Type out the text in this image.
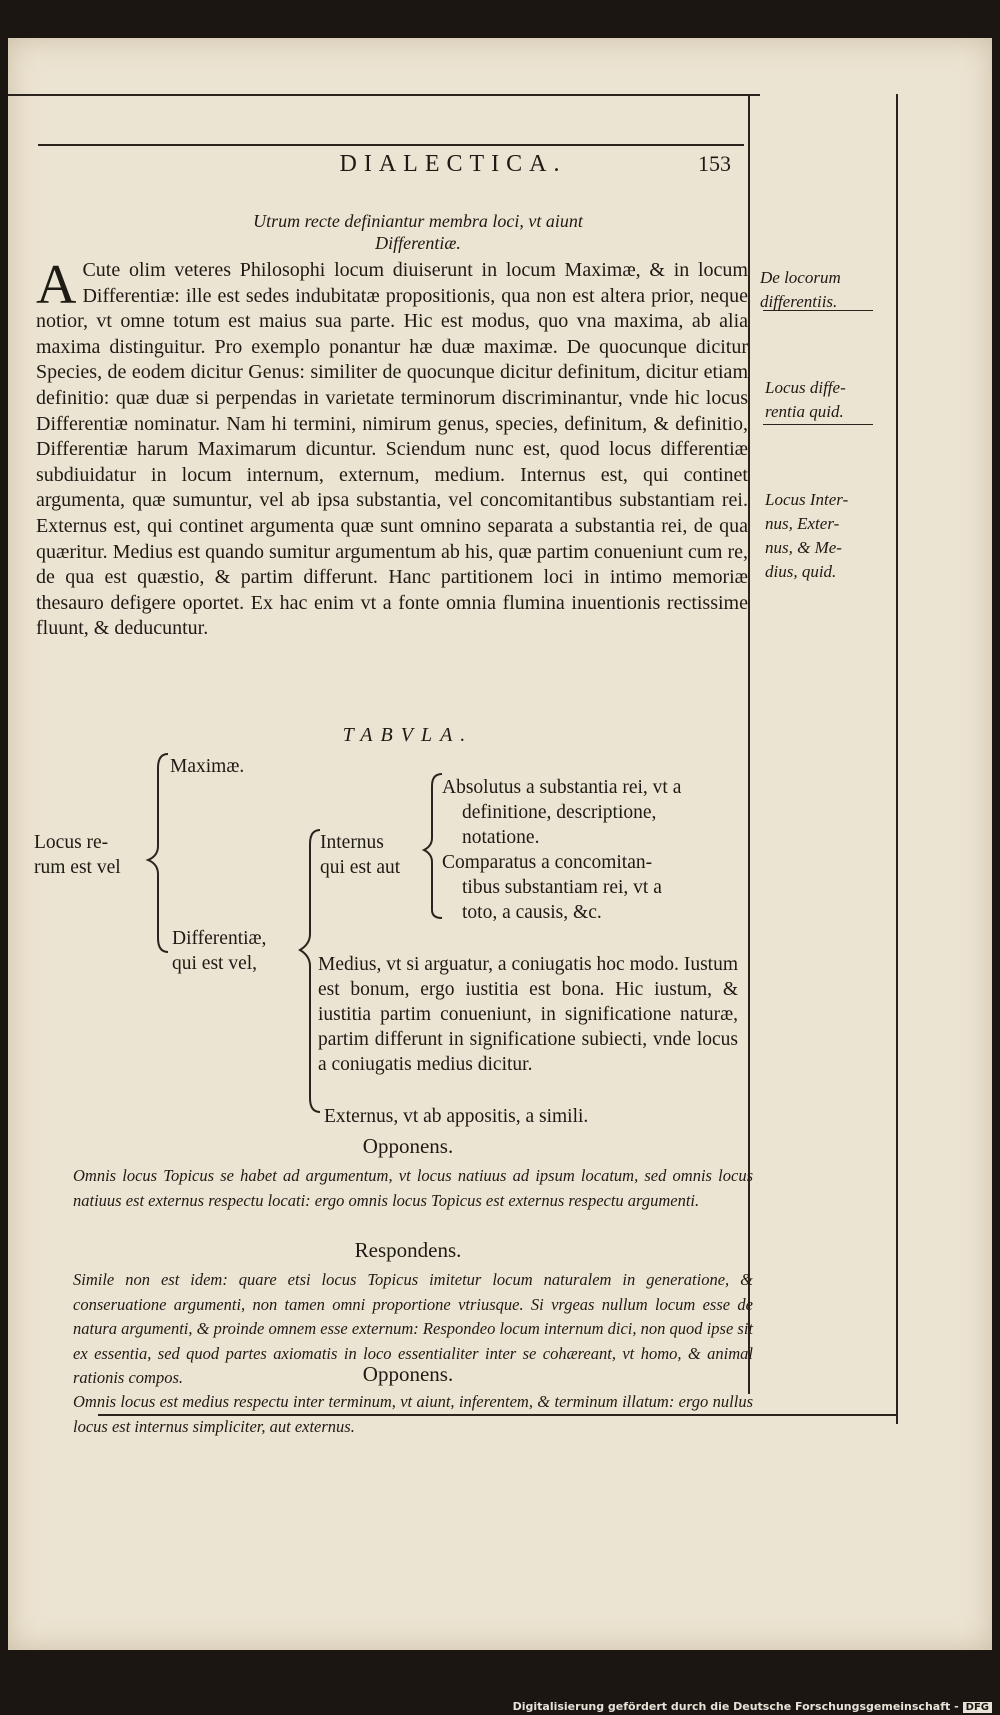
DIALECTICA.	153
Utrum recte definiantur membra loci, vt aiunt
Differentiæ.
A Cute olim veteres Philosophi locum diuiserunt in locum Maximæ, & in locum Differentiæ: ille est sedes indubitatæ propositionis, qua non est altera prior, neque notior, vt omne totum est maius sua parte. Hic est modus, quo vna maxima, ab alia maxima distinguitur. Pro exemplo ponantur hæ duæ maximæ. De quocunque dicitur Species, de eodem dicitur Genus: similiter de quocunque dicitur definitum, dicitur etiam definitio: quæ duæ si perpendas in varietate terminorum discriminantur, vnde hic locus Differentiæ nominatur. Nam hi termini, nimirum genus, species, definitum, & definitio, Differentiæ harum Maximarum dicuntur. Sciendum nunc est, quod locus differentiæ subdiuidatur in locum internum, externum, medium. Internus est, qui continet argumenta, quæ sumuntur, vel ab ipsa substantia, vel concomitantibus substantiam rei. Externus est, qui continet argumenta quæ sunt omnino separata a substantia rei, de qua quæritur. Medius est quando sumitur argumentum ab his, quæ partim conueniunt cum re, de qua est quæstio, & partim differunt. Hanc partitionem loci in intimo memoriæ thesauro defigere oportet. Ex hac enim vt a fonte omnia flumina inuentionis rectissime fluunt, & deducuntur.
De locorum
differentiis.
Locus diffe-
rentia quid.
Locus Inter-
nus, Exter-
nus, & Me-
dius, quid.
TABVLA.
Locus re-
rum est vel
Maximæ.
Differentiæ,
qui est vel,
Internus
qui est aut
Absolutus a substantia rei, vt a
definitione, descriptione,
notatione.
Comparatus a concomitan-
tibus substantiam rei, vt a
toto, a causis, &c.
Medius, vt si arguatur, a coniugatis hoc modo. Iustum est bonum, ergo iustitia est bona. Hic iustum, & iustitia partim conueniunt, in significatione naturæ, partim differunt in significatione subiecti, vnde locus a coniugatis medius dicitur.
Externus, vt ab appositis, a simili.
Opponens.
Omnis locus Topicus se habet ad argumentum, vt locus natiuus ad ipsum locatum, sed omnis locus natiuus est externus respectu locati: ergo omnis locus Topicus est externus respectu argumenti.
Respondens.
Simile non est idem: quare etsi locus Topicus imitetur locum naturalem in generatione, & conseruatione argumenti, non tamen omni proportione vtriusque. Si vrgeas nullum locum esse de natura argumenti, & proinde omnem esse externum: Respondeo locum internum dici, non quod ipse sit ex essentia, sed quod partes axiomatis in loco essentialiter inter se cohæreant, vt homo, & animal rationis compos.	Opponens.
Omnis locus est medius respectu inter terminum, vt aiunt, inferentem, & terminum illatum: ergo nullus locus est internus simpliciter, aut externus.
Digitalisierung gefördert durch die Deutsche Forschungsgemeinschaft - DFG
